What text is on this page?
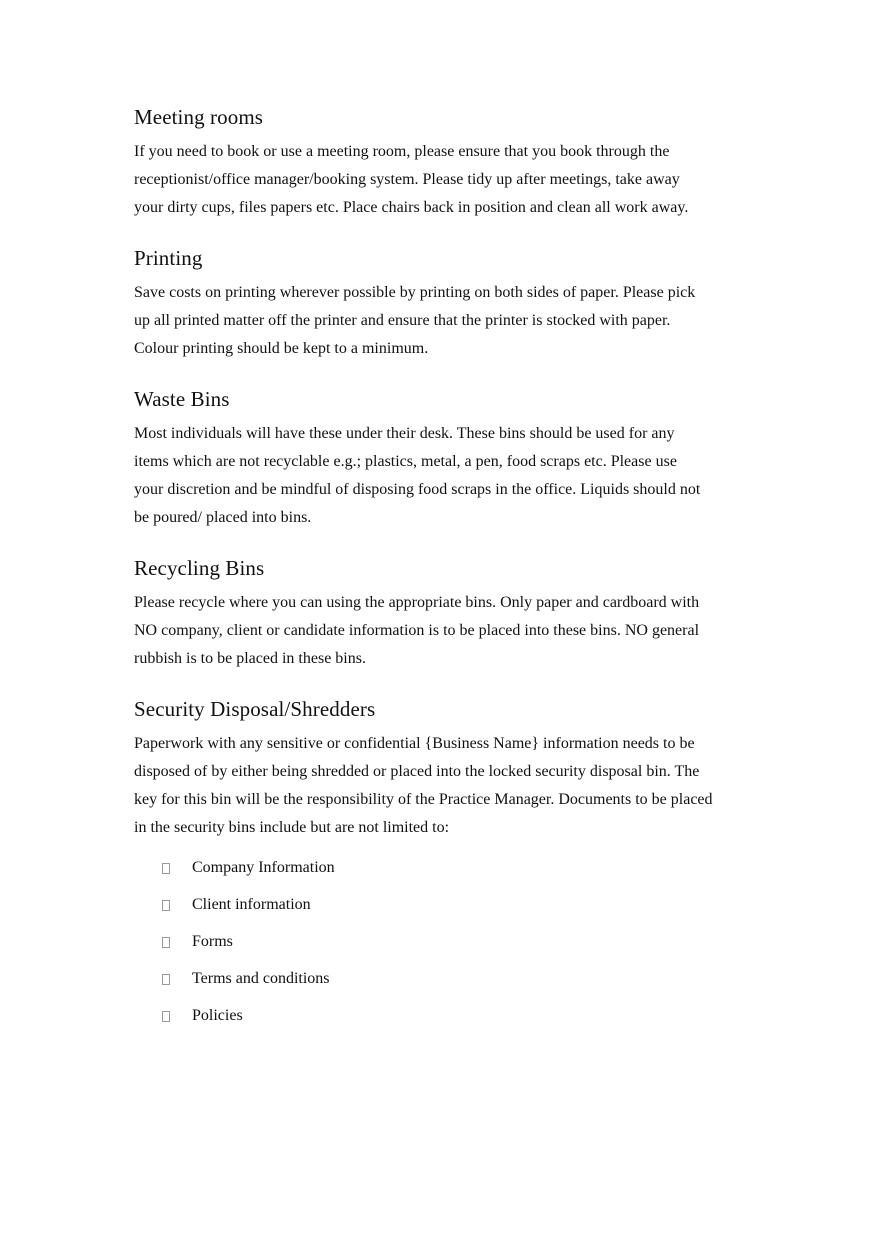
Meeting rooms

If you need to book or use a meeting room, please ensure that you book through the
receptionist/office manager/booking system. Please tidy up after meetings, take away
your dirty cups, files papers etc. Place chairs back in position and clean all work away.

Printing

Save costs on printing wherever possible by printing on both sides of paper. Please pick
up all printed matter off the printer and ensure that the printer is stocked with paper.
Colour printing should be kept to a minimum.

Waste Bins

Most individuals will have these under their desk. These bins should be used for any
items which are not recyclable e.g.; plastics, metal, a pen, food scraps etc. Please use
your discretion and be mindful of disposing food scraps in the office. Liquids should not
be poured/ placed into bins.

Recycling Bins

Please recycle where you can using the appropriate bins. Only paper and cardboard with
NO company, client or candidate information is to be placed into these bins. NO general
rubbish is to be placed in these bins.

Security Disposal/Shredders

Paperwork with any sensitive or confidential {Business Name} information needs to be
disposed of by either being shredded or placed into the locked security disposal bin. The
key for this bin will be the responsibility of the Practice Manager. Documents to be placed
in the security bins include but are not limited to:

Company Information
Client information
Forms
Terms and conditions
Policies
